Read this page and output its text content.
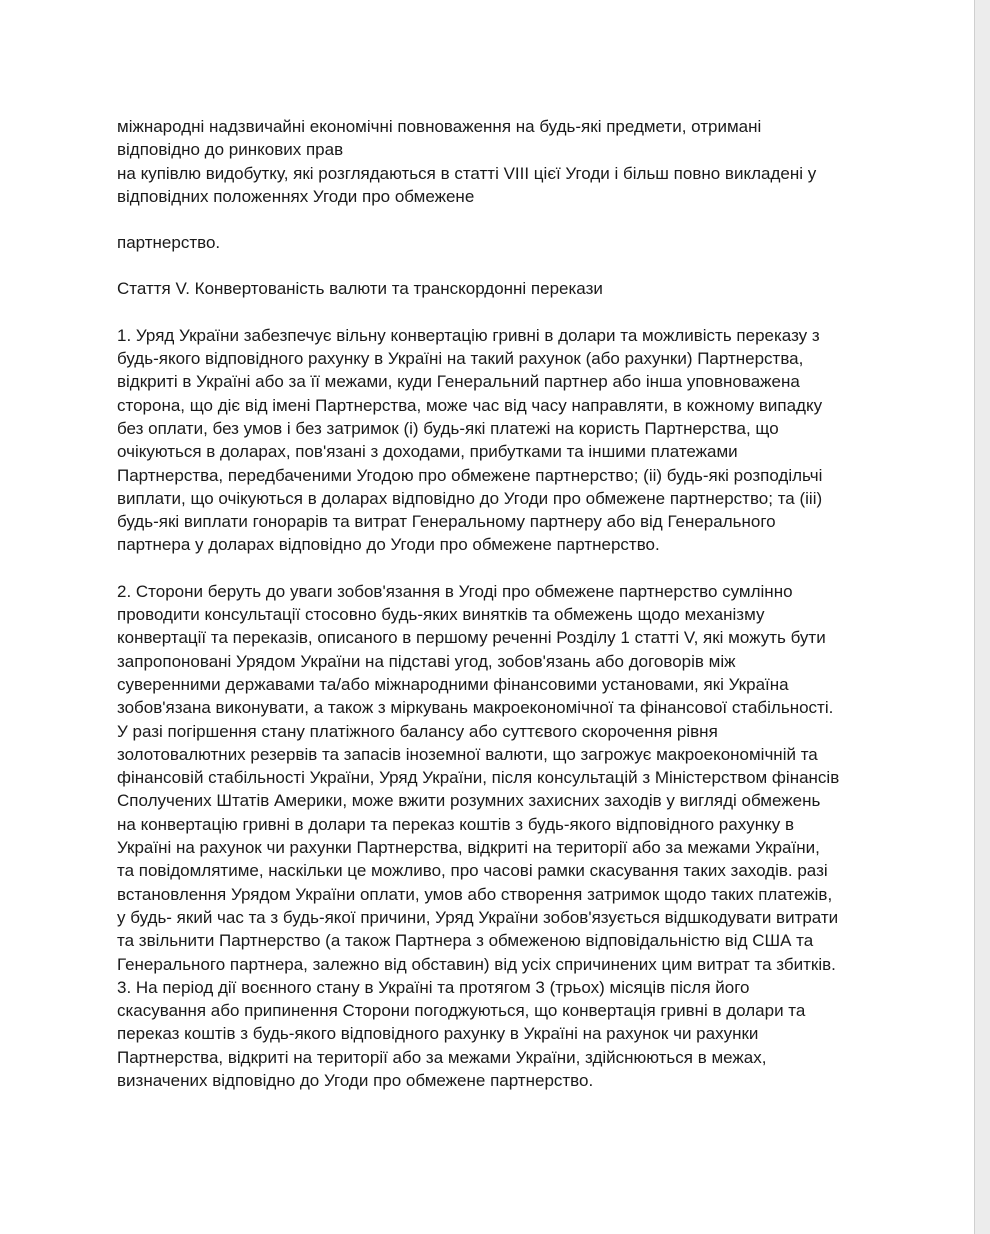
міжнародні надзвичайні економічні повноваження на будь-які предмети, отримані
відповідно до ринкових прав
на купівлю видобутку, які розглядаються в статті VIII цієї Угоди і більш повно викладені у
відповідних положеннях Угоди про обмежене

партнерство.

Стаття V. Конвертованість валюти та транскордонні перекази

1. Уряд України забезпечує вільну конвертацію гривні в долари та можливість переказу з
будь-якого відповідного рахунку в Україні на такий рахунок (або рахунки) Партнерства,
відкриті в Україні або за її межами, куди Генеральний партнер або інша уповноважена
сторона, що діє від імені Партнерства, може час від часу направляти, в кожному випадку
без оплати, без умов і без затримок (i) будь-які платежі на користь Партнерства, що
очікуються в доларах, пов'язані з доходами, прибутками та іншими платежами
Партнерства, передбаченими Угодою про обмежене партнерство; (ii) будь-які розподільчі
виплати, що очікуються в доларах відповідно до Угоди про обмежене партнерство; та (iii)
будь-які виплати гонорарів та витрат Генеральному партнеру або від Генерального
партнера у доларах відповідно до Угоди про обмежене партнерство.

2. Сторони беруть до уваги зобов'язання в Угоді про обмежене партнерство сумлінно
проводити консультації стосовно будь-яких винятків та обмежень щодо механізму
конвертації та переказів, описаного в першому реченні Розділу 1 статті V, які можуть бути
запропоновані Урядом України на підставі угод, зобов'язань або договорів між
суверенними державами та/або міжнародними фінансовими установами, які Україна
зобов'язана виконувати, а також з міркувань макроекономічної та фінансової стабільності.
У разі погіршення стану платіжного балансу або суттєвого скорочення рівня
золотовалютних резервів та запасів іноземної валюти, що загрожує макроекономічній та
фінансовій стабільності України, Уряд України, після консультацій з Міністерством фінансів
Сполучених Штатів Америки, може вжити розумних захисних заходів у вигляді обмежень
на конвертацію гривні в долари та переказ коштів з будь-якого відповідного рахунку в
Україні на рахунок чи рахунки Партнерства, відкриті на території або за межами України,
та повідомлятиме, наскільки це можливо, про часові рамки скасування таких заходів. разі
встановлення Урядом України оплати, умов або створення затримок щодо таких платежів,
у будь- який час та з будь-якої причини, Уряд України зобов'язується відшкодувати витрати
та звільнити Партнерство (а також Партнера з обмеженою відповідальністю від США та
Генерального партнера, залежно від обставин) від усіх спричинених цим витрат та збитків.
3. На період дії воєнного стану в Україні та протягом 3 (трьох) місяців після його
скасування або припинення Сторони погоджуються, що конвертація гривні в долари та
переказ коштів з будь-якого відповідного рахунку в Україні на рахунок чи рахунки
Партнерства, відкриті на території або за межами України, здійснюються в межах,
визначених відповідно до Угоди про обмежене партнерство.
